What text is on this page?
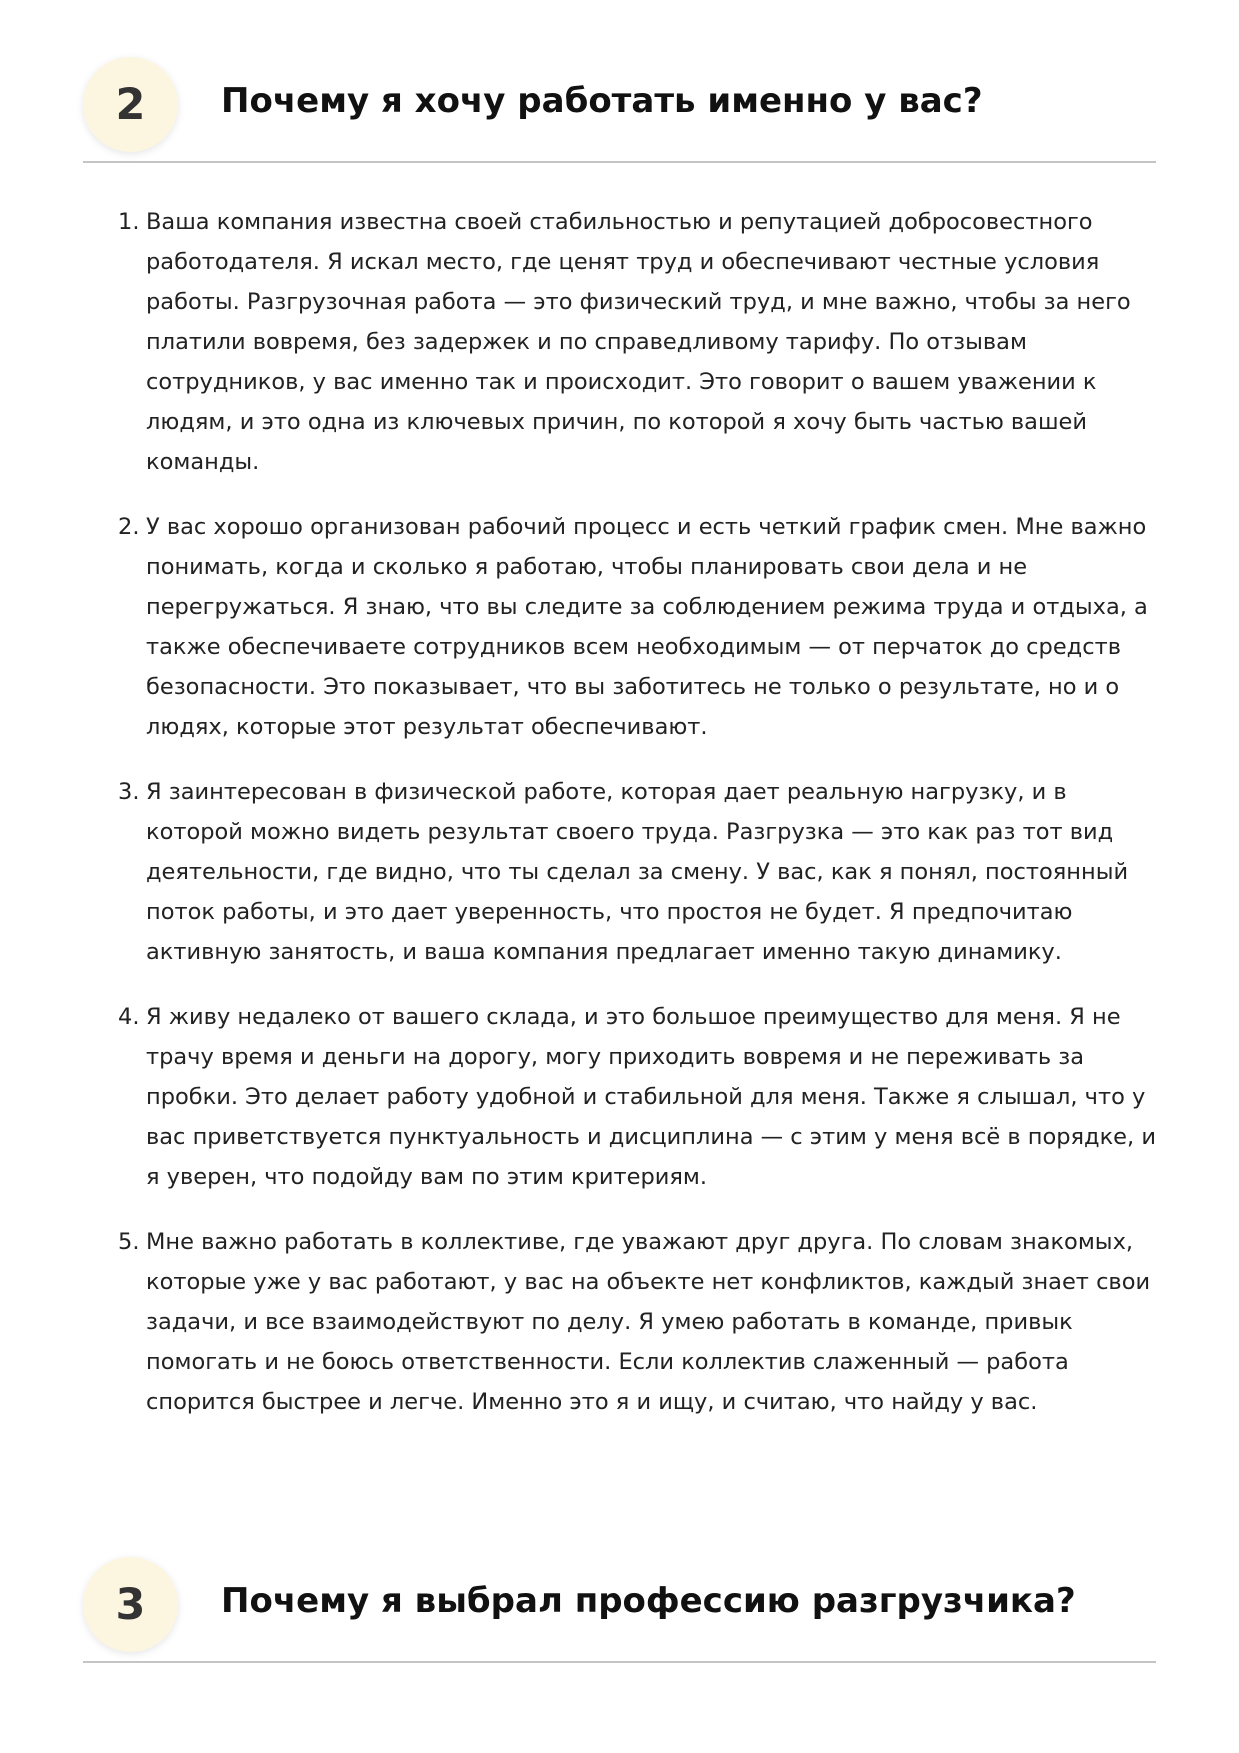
2	Почему я хочу работать именно у вас?
1. Ваша компания известна своей стабильностью и репутацией добросовестного работодателя. Я искал место, где ценят труд и обеспечивают честные условия работы. Разгрузочная работа — это физический труд, и мне важно, чтобы за него платили вовремя, без задержек и по справедливому тарифу. По отзывам сотрудников, у вас именно так и происходит. Это говорит о вашем уважении к людям, и это одна из ключевых причин, по которой я хочу быть частью вашей команды.
2. У вас хорошо организован рабочий процесс и есть четкий график смен. Мне важно понимать, когда и сколько я работаю, чтобы планировать свои дела и не перегружаться. Я знаю, что вы следите за соблюдением режима труда и отдыха, а также обеспечиваете сотрудников всем необходимым — от перчаток до средств безопасности. Это показывает, что вы заботитесь не только о результате, но и о людях, которые этот результат обеспечивают.
3. Я заинтересован в физической работе, которая дает реальную нагрузку, и в которой можно видеть результат своего труда. Разгрузка — это как раз тот вид деятельности, где видно, что ты сделал за смену. У вас, как я понял, постоянный поток работы, и это дает уверенность, что простоя не будет. Я предпочитаю активную занятость, и ваша компания предлагает именно такую динамику.
4. Я живу недалеко от вашего склада, и это большое преимущество для меня. Я не трачу время и деньги на дорогу, могу приходить вовремя и не переживать за пробки. Это делает работу удобной и стабильной для меня. Также я слышал, что у вас приветствуется пунктуальность и дисциплина — с этим у меня всё в порядке, и я уверен, что подойду вам по этим критериям.
5. Мне важно работать в коллективе, где уважают друг друга. По словам знакомых, которые уже у вас работают, у вас на объекте нет конфликтов, каждый знает свои задачи, и все взаимодействуют по делу. Я умею работать в команде, привык помогать и не боюсь ответственности. Если коллектив слаженный — работа спорится быстрее и легче. Именно это я и ищу, и считаю, что найду у вас.
3	Почему я выбрал профессию разгрузчика?
